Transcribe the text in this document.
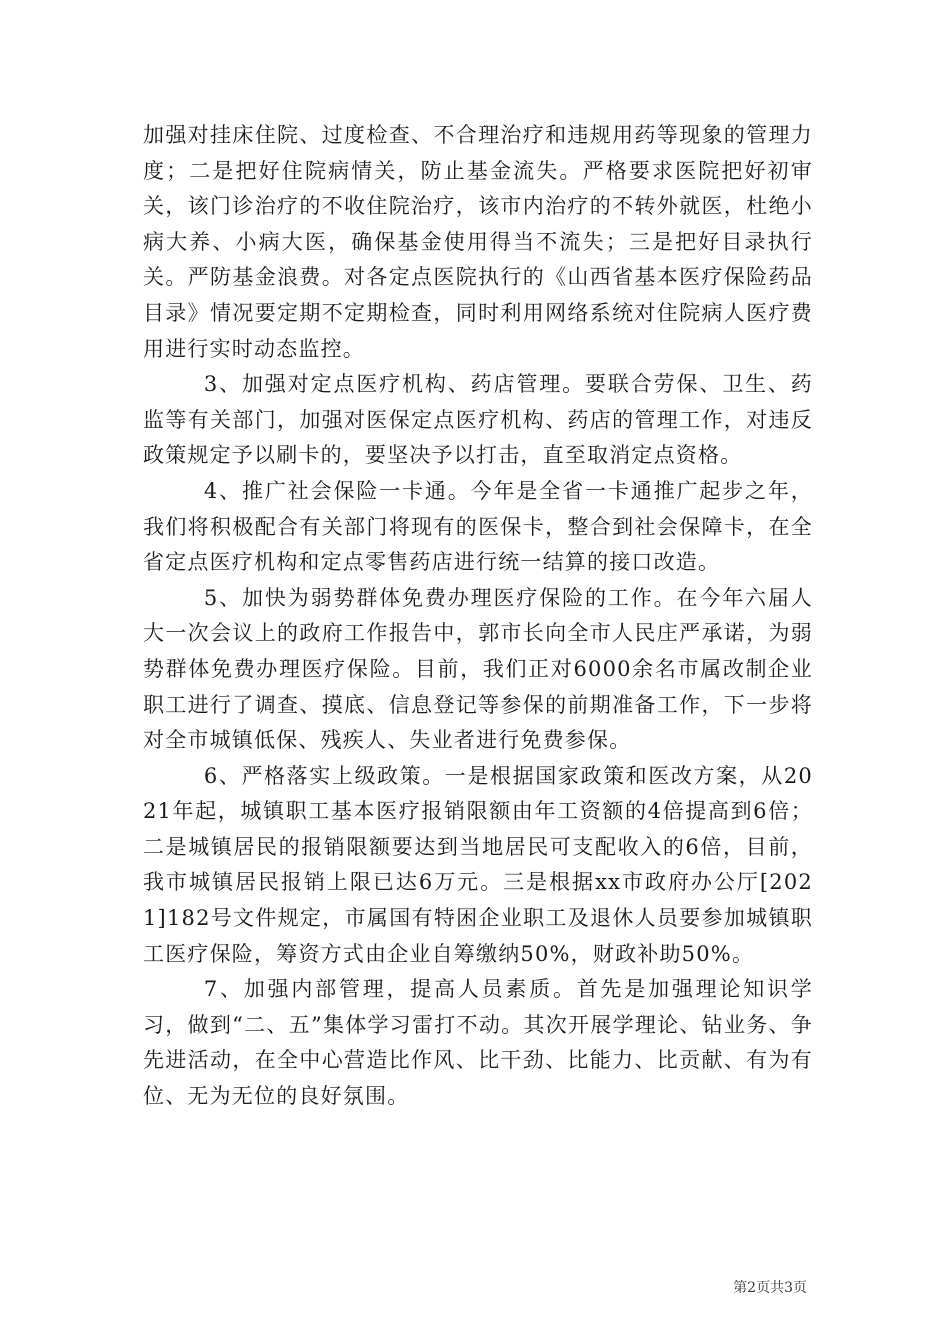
加强对挂床住院、过度检查、不合理治疗和违规用药等现象的管理力度；二是把好住院病情关，防止基金流失。严格要求医院把好初审关，该门诊治疗的不收住院治疗，该市内治疗的不转外就医，杜绝小病大养、小病大医，确保基金使用得当不流失；三是把好目录执行关。严防基金浪费。对各定点医院执行的《山西省基本医疗保险药品目录》情况要定期不定期检查，同时利用网络系统对住院病人医疗费用进行实时动态监控。

3、加强对定点医疗机构、药店管理。要联合劳保、卫生、药监等有关部门，加强对医保定点医疗机构、药店的管理工作，对违反政策规定予以刷卡的，要坚决予以打击，直至取消定点资格。

4、推广社会保险一卡通。今年是全省一卡通推广起步之年，我们将积极配合有关部门将现有的医保卡，整合到社会保障卡，在全省定点医疗机构和定点零售药店进行统一结算的接口改造。

5、加快为弱势群体免费办理医疗保险的工作。在今年六届人大一次会议上的政府工作报告中，郭市长向全市人民庄严承诺，为弱势群体免费办理医疗保险。目前，我们正对6000余名市属改制企业职工进行了调查、摸底、信息登记等参保的前期准备工作，下一步将对全市城镇低保、残疾人、失业者进行免费参保。

6、严格落实上级政策。一是根据国家政策和医改方案，从2021年起，城镇职工基本医疗报销限额由年工资额的4倍提高到6倍；二是城镇居民的报销限额要达到当地居民可支配收入的6倍，目前，我市城镇居民报销上限已达6万元。三是根据xx市政府办公厅[2021]182号文件规定，市属国有特困企业职工及退休人员要参加城镇职工医疗保险，筹资方式由企业自筹缴纳50%，财政补助50%。

7、加强内部管理，提高人员素质。首先是加强理论知识学习，做到“二、五”集体学习雷打不动。其次开展学理论、钻业务、争先进活动，在全中心营造比作风、比干劲、比能力、比贡献、有为有位、无为无位的良好氛围。

第2页共3页
